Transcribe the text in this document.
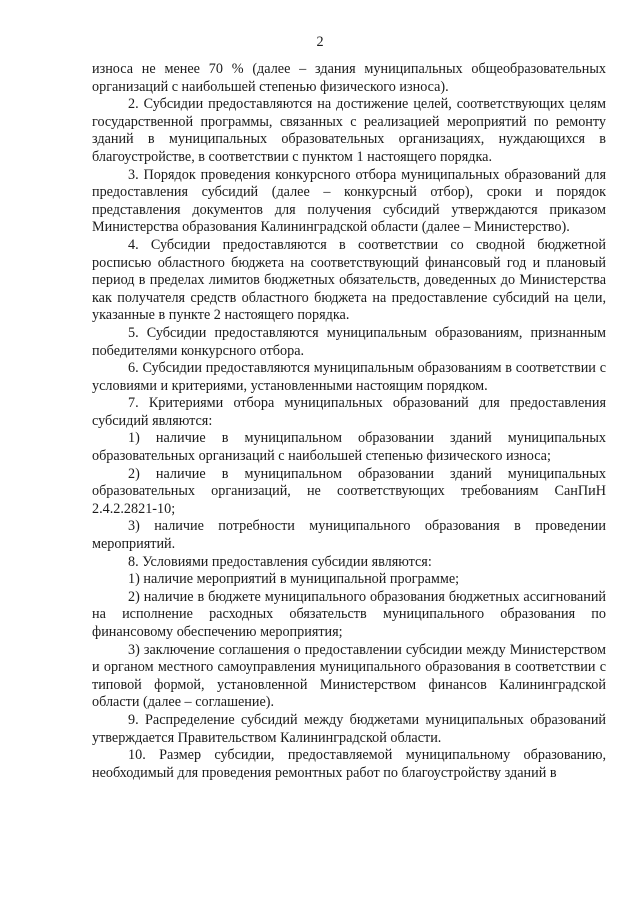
2

износа не менее 70 % (далее – здания муниципальных общеобразовательных организаций с наибольшей степенью физического износа).

2. Субсидии предоставляются на достижение целей, соответствующих целям государственной программы, связанных с реализацией мероприятий по ремонту зданий в муниципальных образовательных организациях, нуждающихся в благоустройстве, в соответствии с пунктом 1 настоящего порядка.

3. Порядок проведения конкурсного отбора муниципальных образований для предоставления субсидий (далее – конкурсный отбор), сроки и порядок представления документов для получения субсидий утверждаются приказом Министерства образования Калининградской области (далее – Министерство).

4. Субсидии предоставляются в соответствии со сводной бюджетной росписью областного бюджета на соответствующий финансовый год и плановый период в пределах лимитов бюджетных обязательств, доведенных до Министерства как получателя средств областного бюджета на предоставление субсидий на цели, указанные в пункте 2 настоящего порядка.

5. Субсидии предоставляются муниципальным образованиям, признанным победителями конкурсного отбора.

6. Субсидии предоставляются муниципальным образованиям в соответствии с условиями и критериями, установленными настоящим порядком.

7. Критериями отбора муниципальных образований для предоставления субсидий являются:

1) наличие в муниципальном образовании зданий муниципальных образовательных организаций с наибольшей степенью физического износа;

2) наличие в муниципальном образовании зданий муниципальных образовательных организаций, не соответствующих требованиям СанПиН 2.4.2.2821-10;

3) наличие потребности муниципального образования в проведении мероприятий.

8. Условиями предоставления субсидии являются:

1) наличие мероприятий в муниципальной программе;

2) наличие в бюджете муниципального образования бюджетных ассигнований на исполнение расходных обязательств муниципального образования по финансовому обеспечению мероприятия;

3) заключение соглашения о предоставлении субсидии между Министерством и органом местного самоуправления муниципального образования в соответствии с типовой формой, установленной Министерством финансов Калининградской области (далее – соглашение).

9. Распределение субсидий между бюджетами муниципальных образований утверждается Правительством Калининградской области.

10. Размер субсидии, предоставляемой муниципальному образованию, необходимый для проведения ремонтных работ по благоустройству зданий в
